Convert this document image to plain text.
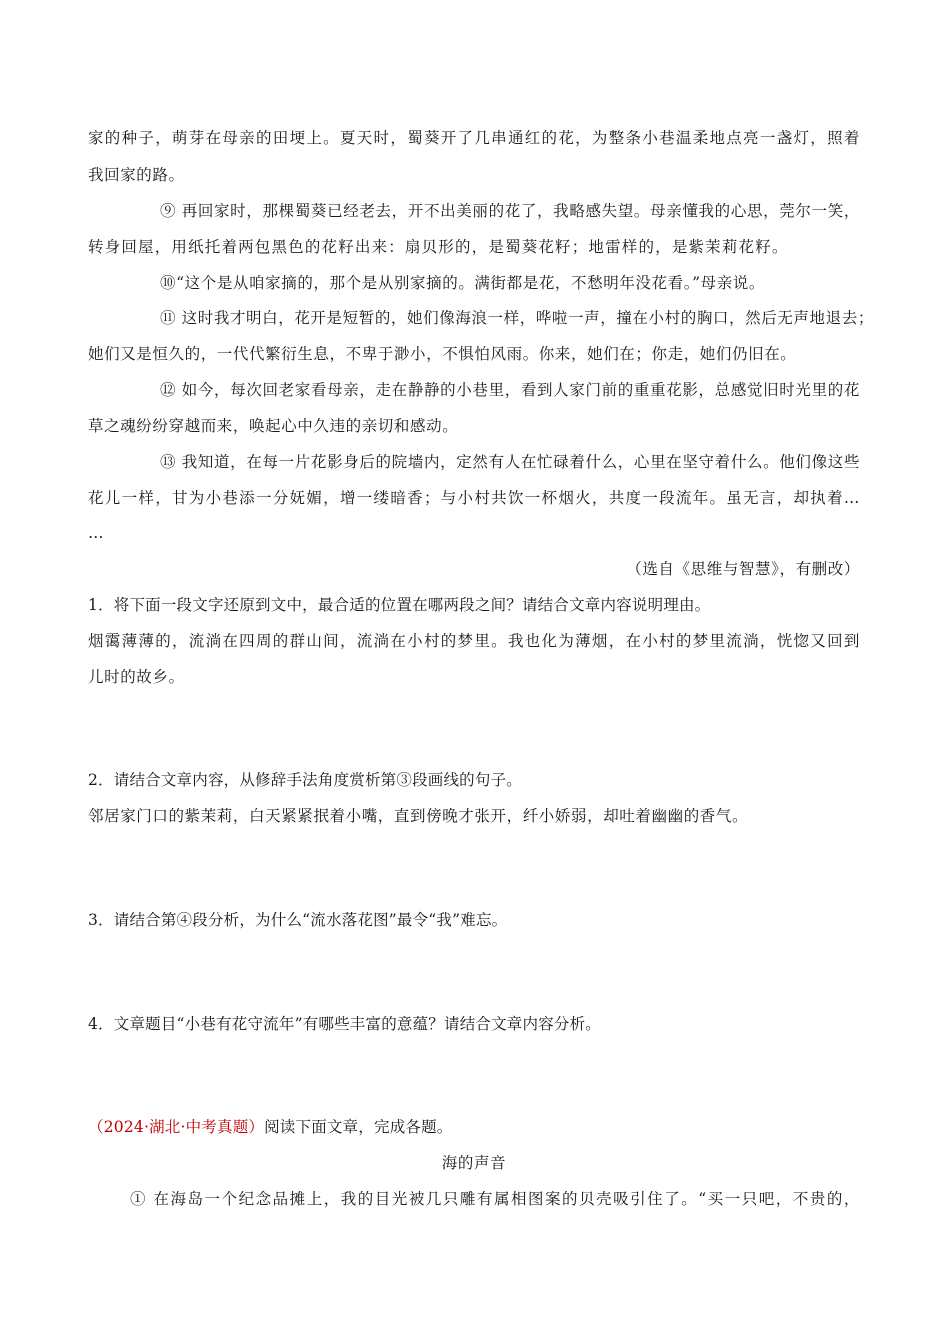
家的种子，萌芽在母亲的田埂上。夏天时，蜀葵开了几串通红的花，为整条小巷温柔地点亮一盏灯，照着
我回家的路。
⑨ 再回家时，那棵蜀葵已经老去，开不出美丽的花了，我略感失望。母亲懂我的心思，莞尔一笑，
转身回屋，用纸托着两包黑色的花籽出来：扇贝形的，是蜀葵花籽；地雷样的，是紫茉莉花籽。
⑩“这个是从咱家摘的，那个是从别家摘的。满街都是花，不愁明年没花看。”母亲说。
⑪ 这时我才明白，花开是短暂的，她们像海浪一样，哗啦一声，撞在小村的胸口，然后无声地退去；
她们又是恒久的，一代代繁衍生息，不卑于渺小，不惧怕风雨。你来，她们在；你走，她们仍旧在。
⑫ 如今，每次回老家看母亲，走在静静的小巷里，看到人家门前的重重花影，总感觉旧时光里的花
草之魂纷纷穿越而来，唤起心中久违的亲切和感动。
⑬ 我知道，在每一片花影身后的院墙内，定然有人在忙碌着什么，心里在坚守着什么。他们像这些
花儿一样，甘为小巷添一分妩媚，增一缕暗香；与小村共饮一杯烟火，共度一段流年。虽无言，却执着…
…
（选自《思维与智慧》，有删改）
1．将下面一段文字还原到文中，最合适的位置在哪两段之间？请结合文章内容说明理由。
烟霭薄薄的，流淌在四周的群山间，流淌在小村的梦里。我也化为薄烟，在小村的梦里流淌，恍惚又回到
儿时的故乡。
2．请结合文章内容，从修辞手法角度赏析第③段画线的句子。
邻居家门口的紫茉莉，白天紧紧抿着小嘴，直到傍晚才张开，纤小娇弱，却吐着幽幽的香气。
3．请结合第④段分析，为什么“流水落花图”最令“我”难忘。
4．文章题目“小巷有花守流年”有哪些丰富的意蕴？请结合文章内容分析。
（2024·湖北·中考真题）阅读下面文章，完成各题。
海的声音
① 在海岛一个纪念品摊上，我的目光被几只雕有属相图案的贝壳吸引住了。“买一只吧，不贵的，
